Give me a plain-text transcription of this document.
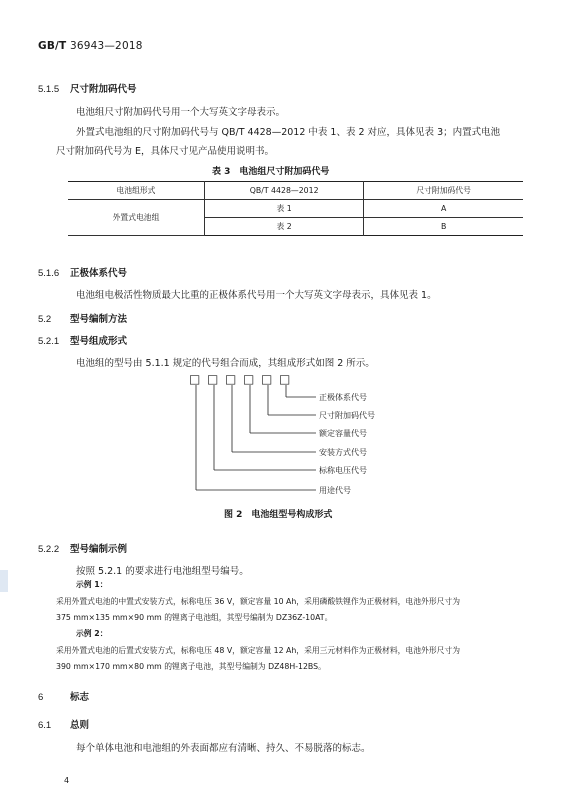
GB/T 36943—2018
5.1.5 尺寸附加码代号
电池组尺寸附加码代号用一个大写英文字母表示。
外置式电池组的尺寸附加码代号与 QB/T 4428—2012 中表 1、表 2 对应，具体见表 3；内置式电池
尺寸附加码代号为 E，具体尺寸见产品使用说明书。
表 3　电池组尺寸附加码代号
电池组形式	QB/T 4428—2012	尺寸附加码代号
外置式电池组	表 1	A
	表 2	B
5.1.6 正极体系代号
电池组电极活性物质最大比重的正极体系代号用一个大写英文字母表示，具体见表 1。
5.2 型号编制方法
5.2.1 型号组成形式
电池组的型号由 5.1.1 规定的代号组合而成，其组成形式如图 2 所示。
□ □ □ □ □ □
正极体系代号
尺寸附加码代号
额定容量代号
安装方式代号
标称电压代号
用途代号
图 2　电池组型号构成形式
5.2.2 型号编制示例
按照 5.2.1 的要求进行电池组型号编号。
示例 1：
采用外置式电池的中置式安装方式，标称电压 36 V，额定容量 10 Ah，采用磷酸铁锂作为正极材料，电池外形尺寸为
375 mm×135 mm×90 mm 的锂离子电池组，其型号编制为 DZ36Z-10AT。
示例 2：
采用外置式电池的后置式安装方式，标称电压 48 V，额定容量 12 Ah，采用三元材料作为正极材料，电池外形尺寸为
390 mm×170 mm×80 mm 的锂离子电池，其型号编制为 DZ48H-12BS。
6	标志
6.1 总则
每个单体电池和电池组的外表面都应有清晰、持久、不易脱落的标志。
4
